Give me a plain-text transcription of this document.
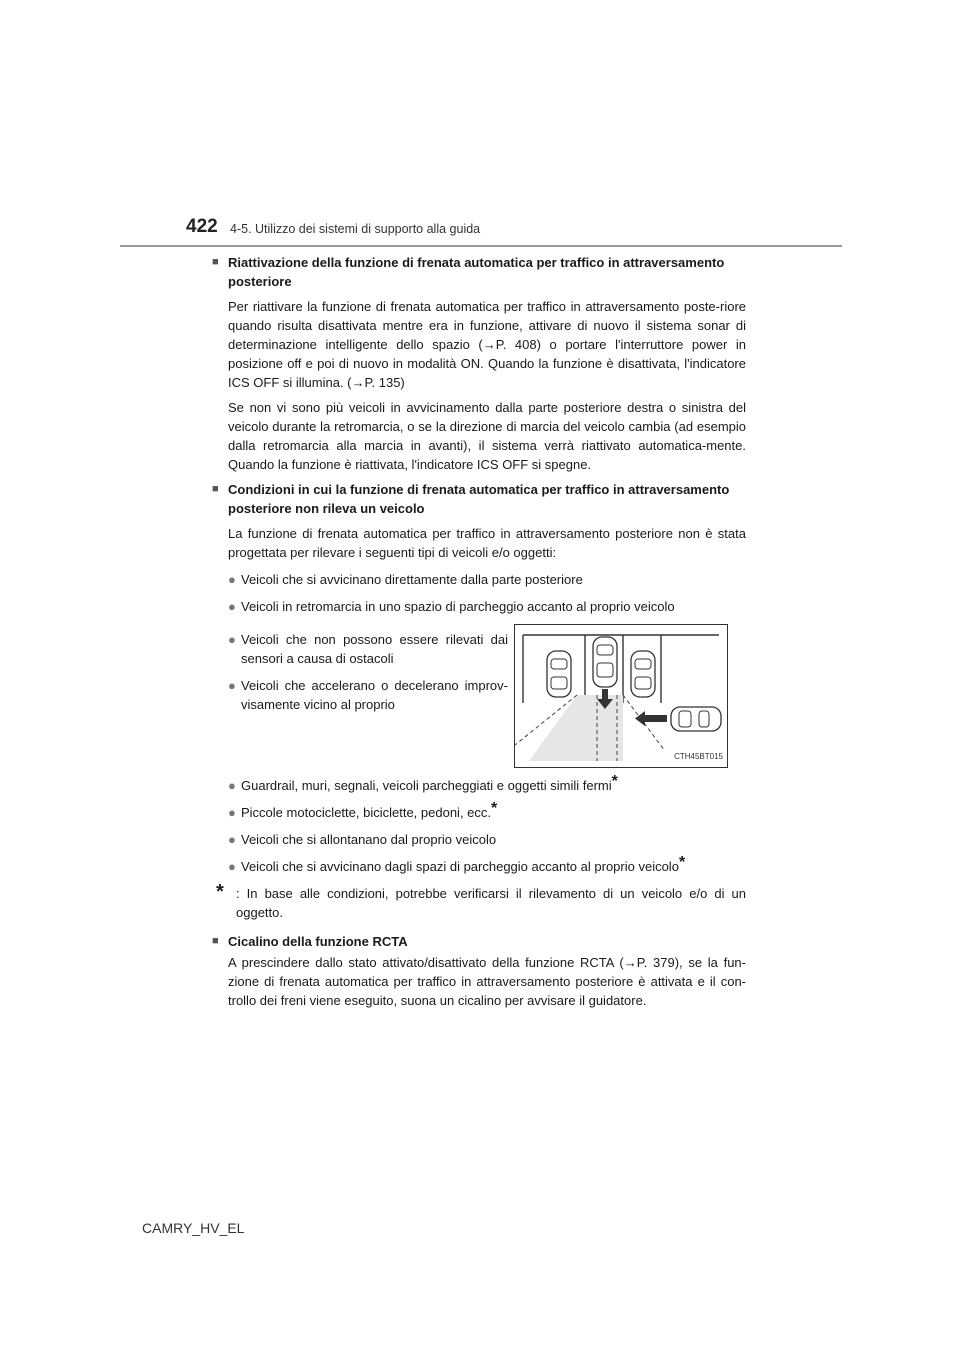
422 4-5. Utilizzo dei sistemi di supporto alla guida
■ Riattivazione della funzione di frenata automatica per traffico in attraversamento posteriore

Per riattivare la funzione di frenata automatica per traffico in attraversamento poste-riore quando risulta disattivata mentre era in funzione, attivare di nuovo il sistema sonar di determinazione intelligente dello spazio (→P. 408) o portare l'interruttore power in posizione off e poi di nuovo in modalità ON. Quando la funzione è disattivata, l'indicatore ICS OFF si illumina. (→P. 135)

Se non vi sono più veicoli in avvicinamento dalla parte posteriore destra o sinistra del veicolo durante la retromarcia, o se la direzione di marcia del veicolo cambia (ad esempio dalla retromarcia alla marcia in avanti), il sistema verrà riattivato automatica-mente. Quando la funzione è riattivata, l'indicatore ICS OFF si spegne.

■ Condizioni in cui la funzione di frenata automatica per traffico in attraversamento posteriore non rileva un veicolo

La funzione di frenata automatica per traffico in attraversamento posteriore non è stata progettata per rilevare i seguenti tipi di veicoli e/o oggetti:

● Veicoli che si avvicinano direttamente dalla parte posteriore
● Veicoli in retromarcia in uno spazio di parcheggio accanto al proprio veicolo
● Veicoli che non possono essere rilevati dai sensori a causa di ostacoli
● Veicoli che accelerano o decelerano improv-visamente vicino al proprio
CTH45BT015
● Guardrail, muri, segnali, veicoli parcheggiati e oggetti simili fermi*
● Piccole motociclette, biciclette, pedoni, ecc.*
● Veicoli che si allontanano dal proprio veicolo
● Veicoli che si avvicinano dagli spazi di parcheggio accanto al proprio veicolo*
* : In base alle condizioni, potrebbe verificarsi il rilevamento di un veicolo e/o di un oggetto.
■ Cicalino della funzione RCTA

A prescindere dallo stato attivato/disattivato della funzione RCTA (→P. 379), se la fun-zione di frenata automatica per traffico in attraversamento posteriore è attivata e il con-trollo dei freni viene eseguito, suona un cicalino per avvisare il guidatore.

CAMRY_HV_EL
